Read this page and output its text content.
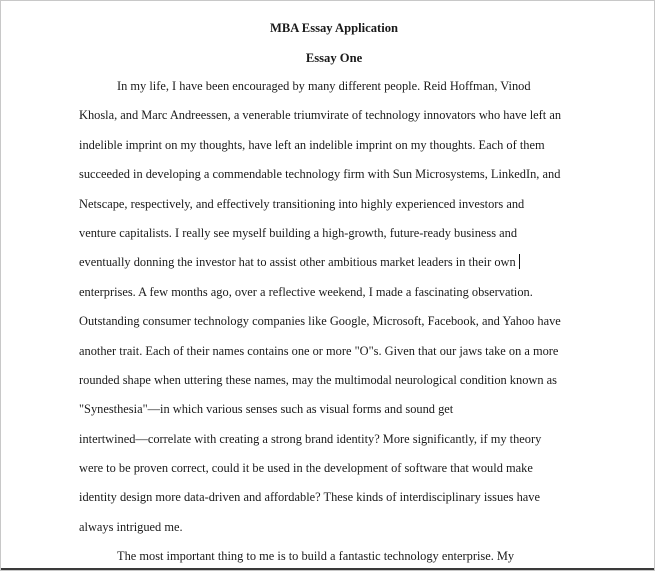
MBA Essay Application
Essay One
In my life, I have been encouraged by many different people. Reid Hoffman, Vinod
Khosla, and Marc Andreessen, a venerable triumvirate of technology innovators who have left an
indelible imprint on my thoughts, have left an indelible imprint on my thoughts. Each of them
succeeded in developing a commendable technology firm with Sun Microsystems, LinkedIn, and
Netscape, respectively, and effectively transitioning into highly experienced investors and
venture capitalists. I really see myself building a high-growth, future-ready business and
eventually donning the investor hat to assist other ambitious market leaders in their own
enterprises. A few months ago, over a reflective weekend, I made a fascinating observation.
Outstanding consumer technology companies like Google, Microsoft, Facebook, and Yahoo have
another trait. Each of their names contains one or more "O"s. Given that our jaws take on a more
rounded shape when uttering these names, may the multimodal neurological condition known as
"Synesthesia"—in which various senses such as visual forms and sound get
intertwined—correlate with creating a strong brand identity? More significantly, if my theory
were to be proven correct, could it be used in the development of software that would make
identity design more data-driven and affordable? These kinds of interdisciplinary issues have
always intrigued me.
The most important thing to me is to build a fantastic technology enterprise. My
